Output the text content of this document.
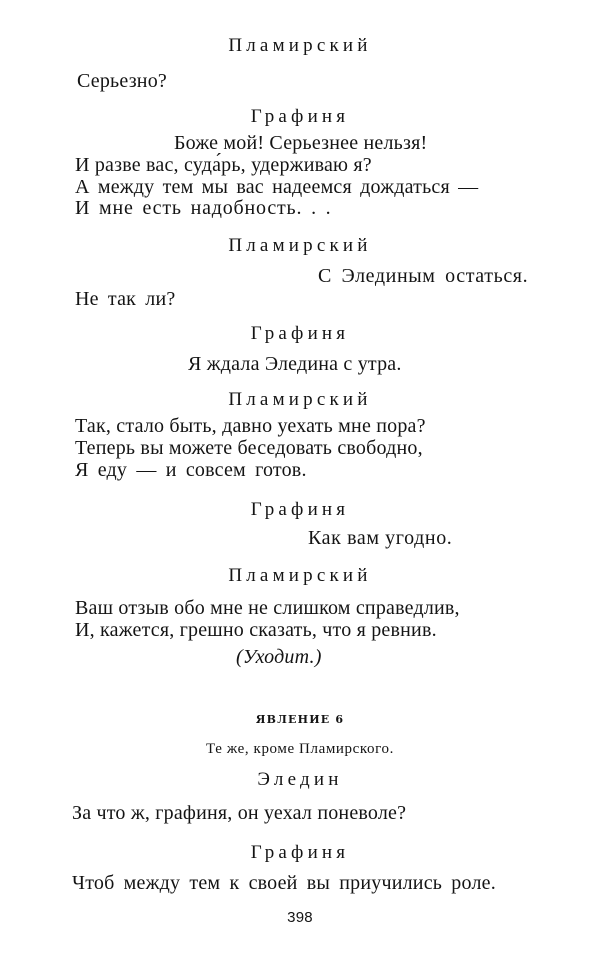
Пламирский
Серьезно?
Графиня
Боже мой! Серьезнее нельзя!
И разве вас, суда́рь, удерживаю я?
А между тем мы вас надеемся дождаться —
И мне есть надобность. . .
Пламирский
С Элединым остаться.
Не так ли?
Графиня
Я ждала Эледина с утра.
Пламирский
Так, стало быть, давно уехать мне пора?
Теперь вы можете беседовать свободно,
Я еду — и совсем готов.
Графиня
Как вам угодно.
Пламирский
Ваш отзыв обо мне не слишком справедлив,
И, кажется, грешно сказать, что я ревнив.
(Уходит.)
ЯВЛЕНИЕ 6
Те же, кроме Пламирского.
Эледин
За что ж, графиня, он уехал поневоле?
Графиня
Чтоб между тем к своей вы приучились роле.
398
